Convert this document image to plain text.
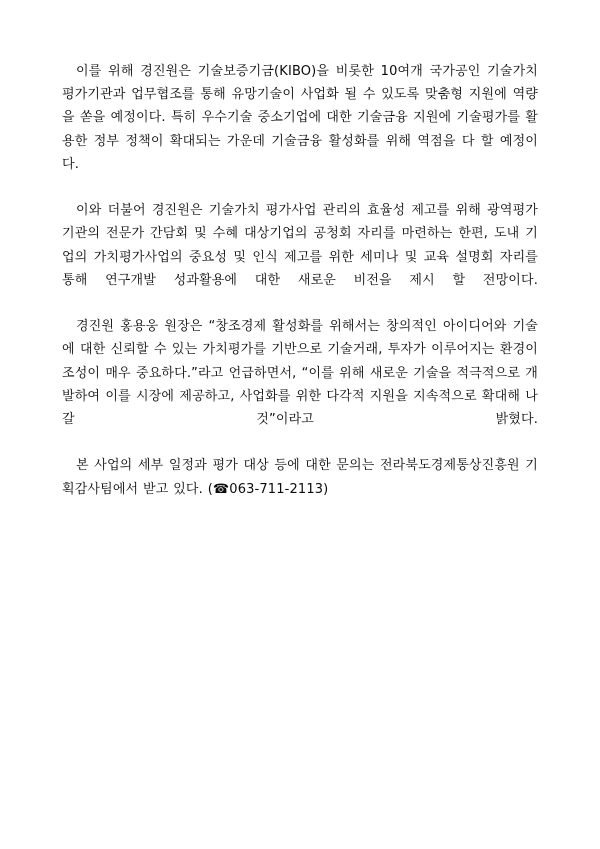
이를 위해 경진원은 기술보증기금(KIBO)을 비롯한 10여개 국가공인 기술가치 평가기관과 업무협조를 통해 유망기술이 사업화 될 수 있도록 맞춤형 지원에 역량을 쏟을 예정이다. 특히 우수기술 중소기업에 대한 기술금융 지원에 기술평가를 활용한 정부 정책이 확대되는 가운데 기술금융 활성화를 위해 역점을 다 할 예정이다.

이와 더불어 경진원은 기술가치 평가사업 관리의 효율성 제고를 위해 광역평가기관의 전문가 간담회 및 수혜 대상기업의 공청회 자리를 마련하는 한편, 도내 기업의 가치평가사업의 중요성 및 인식 제고를 위한 세미나 및 교육 설명회 자리를 통해 연구개발 성과활용에 대한 새로운 비전을 제시 할 전망이다.

경진원 홍용웅 원장은 “창조경제 활성화를 위해서는 창의적인 아이디어와 기술에 대한 신뢰할 수 있는 가치평가를 기반으로 기술거래, 투자가 이루어지는 환경이 조성이 매우 중요하다.”라고 언급하면서, “이를 위해 새로운 기술을 적극적으로 개발하여 이를 시장에 제공하고, 사업화를 위한 다각적 지원을 지속적으로 확대해 나갈 것”이라고 밝혔다.

본 사업의 세부 일정과 평가 대상 등에 대한 문의는 전라북도경제통상진흥원 기획감사팀에서 받고 있다. (☎063-711-2113)
